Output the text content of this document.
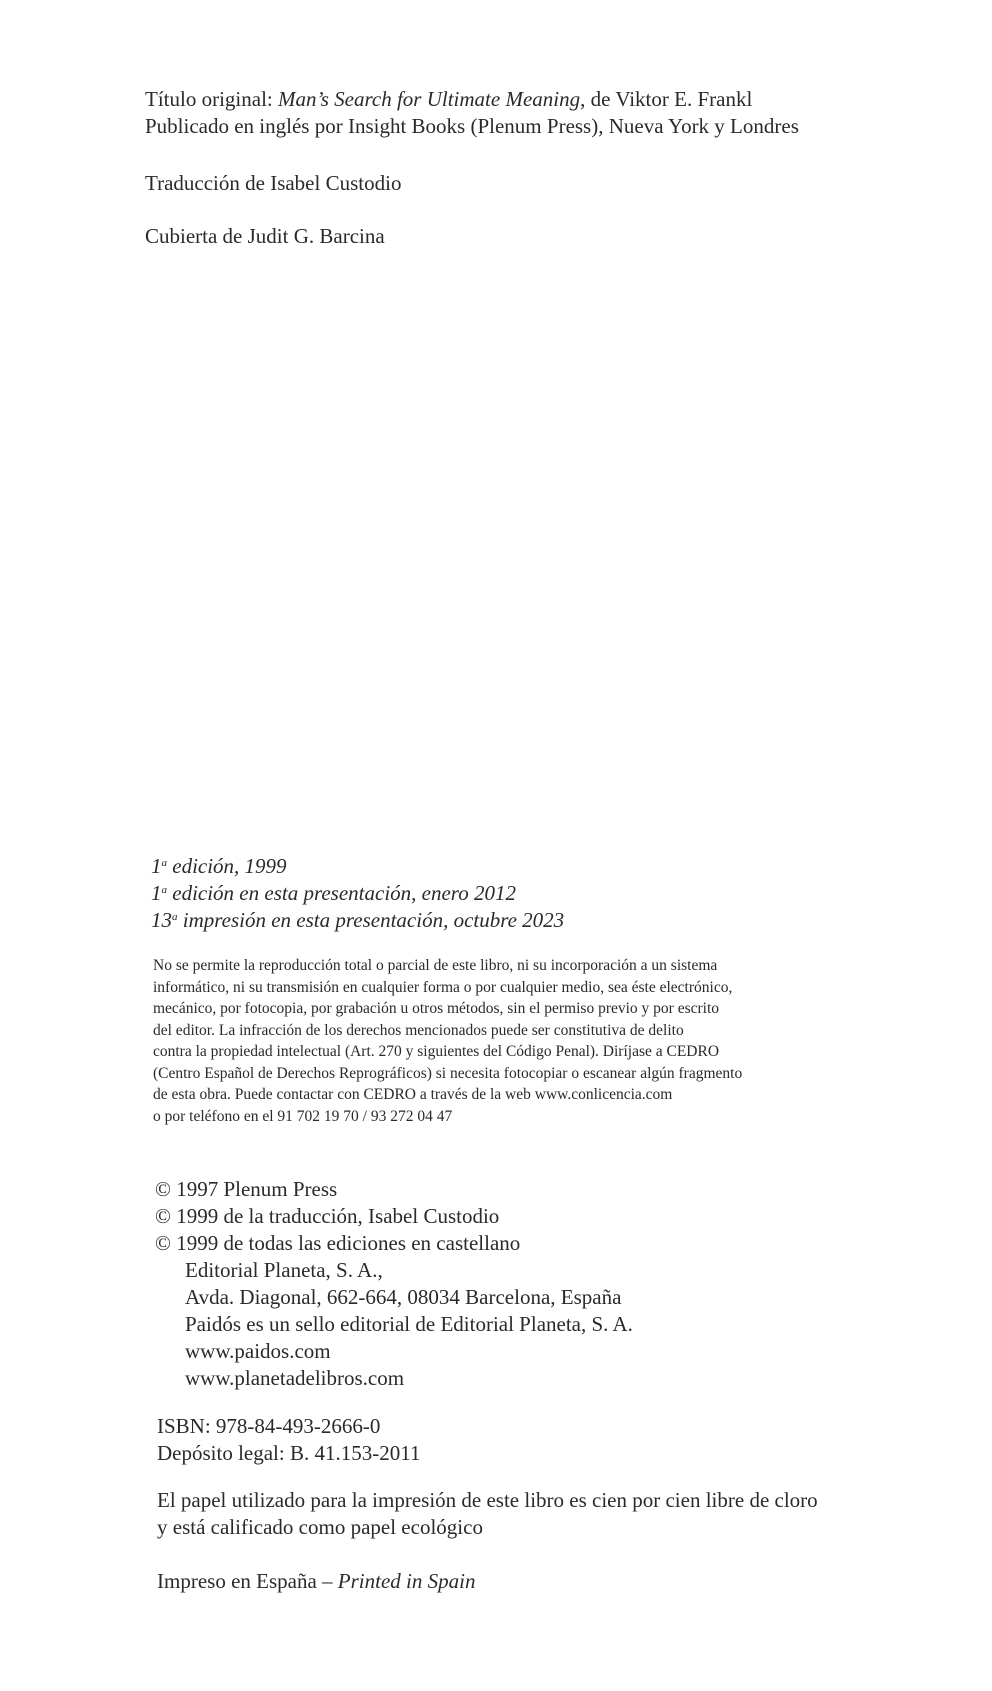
Título original: Man’s Search for Ultimate Meaning, de Viktor E. Frankl
Publicado en inglés por Insight Books (Plenum Press), Nueva York y Londres
Traducción de Isabel Custodio
Cubierta de Judit G. Barcina
1$^a$ edición, 1999
1$^a$ edición en esta presentación, enero 2012
13$^a$ impresión en esta presentación, octubre 2023
No se permite la reproducción total o parcial de este libro, ni su incorporación a un sistema
informático, ni su transmisión en cualquier forma o por cualquier medio, sea éste electrónico,
mecánico, por fotocopia, por grabación u otros métodos, sin el permiso previo y por escrito
del editor. La infracción de los derechos mencionados puede ser constitutiva de delito
contra la propiedad intelectual (Art. 270 y siguientes del Código Penal). Diríjase a CEDRO
(Centro Español de Derechos Reprográficos) si necesita fotocopiar o escanear algún fragmento
de esta obra. Puede contactar con CEDRO a través de la web www.conlicencia.com
o por teléfono en el 91 702 19 70 / 93 272 04 47
© 1997 Plenum Press
© 1999 de la traducción, Isabel Custodio
© 1999 de todas las ediciones en castellano
Editorial Planeta, S. A.,
Avda. Diagonal, 662-664, 08034 Barcelona, España
Paidós es un sello editorial de Editorial Planeta, S. A.
www.paidos.com
www.planetadelibros.com
ISBN: 978-84-493-2666-0
Depósito legal: B. 41.153-2011
El papel utilizado para la impresión de este libro es cien por cien libre de cloro
y está calificado como papel ecológico
Impreso en España – Printed in Spain
